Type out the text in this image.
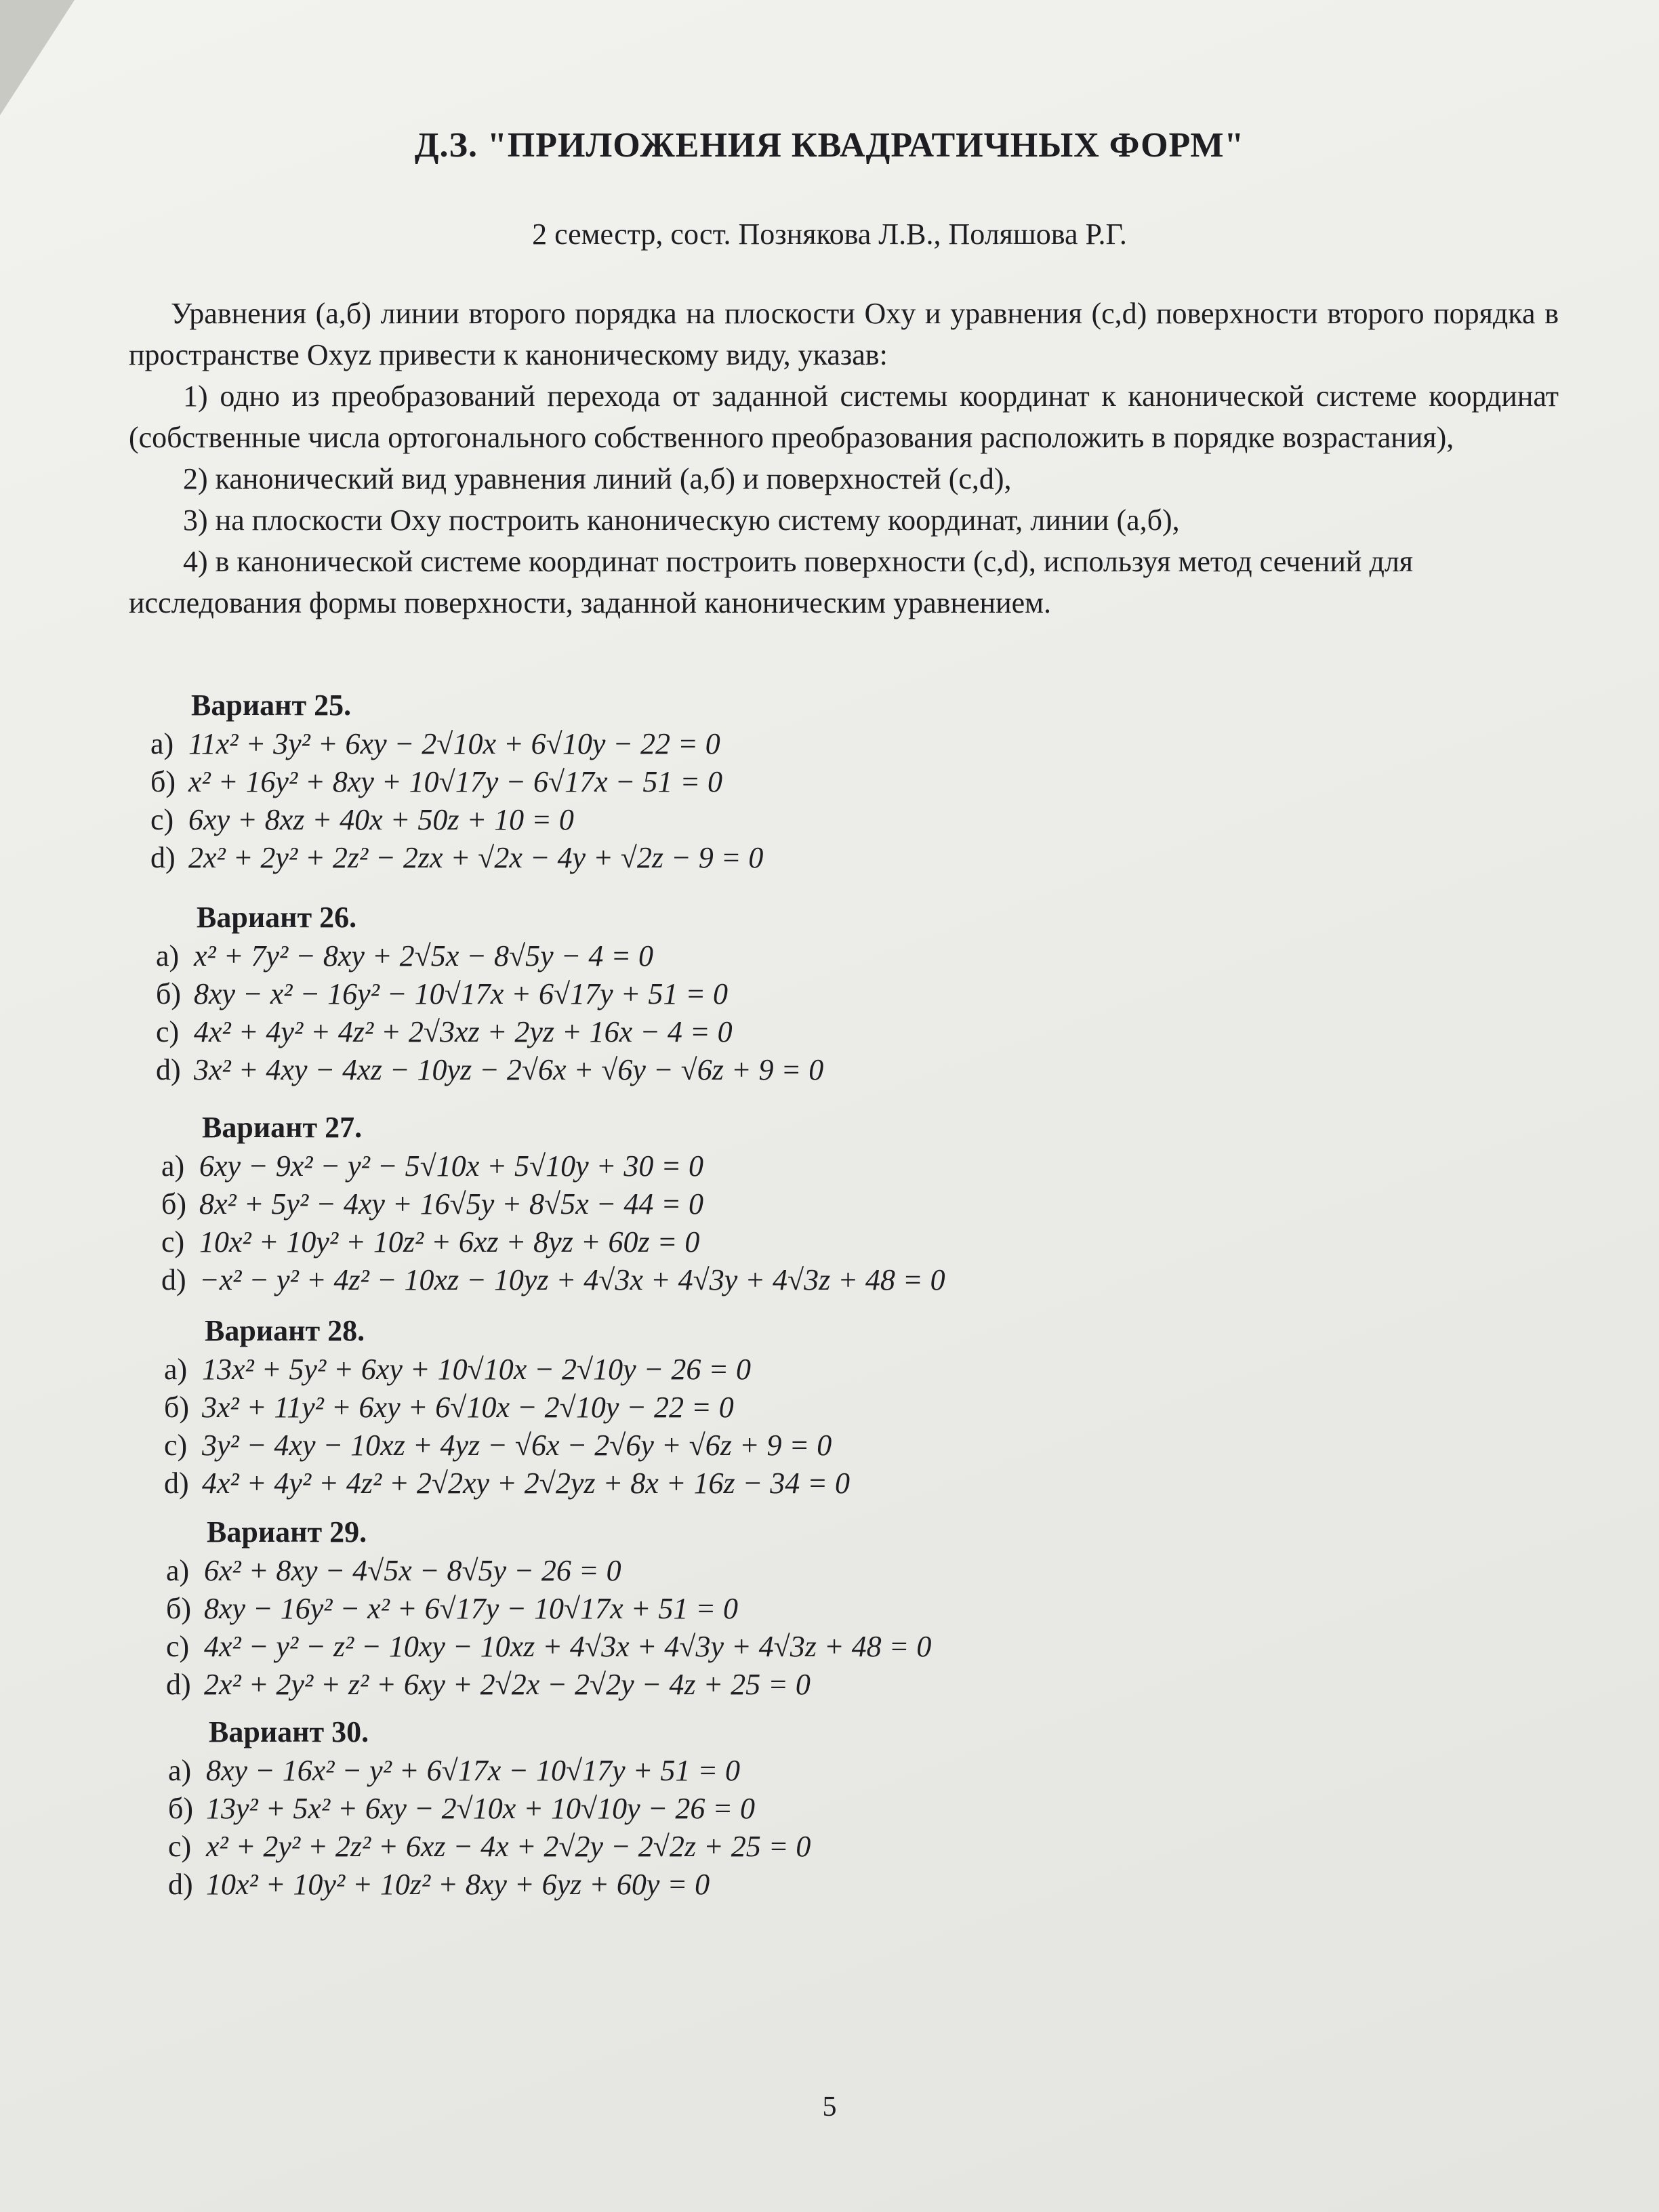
Д.З. "ПРИЛОЖЕНИЯ КВАДРАТИЧНЫХ ФОРМ"
2 семестр, сост. Познякова Л.В., Поляшова Р.Г.

Уравнения (а,б) линии второго порядка на плоскости Oxy и уравнения (c,d) поверхности второго порядка в пространстве Oxyz привести к каноническому виду, указав:

1) одно из преобразований перехода от заданной системы координат к канонической системе координат (собственные числа ортогонального собственного преобразования расположить в порядке возрастания),

2) канонический вид уравнения линий (а,б) и поверхностей (c,d),

3) на плоскости Oxy построить каноническую систему координат, линии (а,б),

4) в канонической системе координат построить поверхности (c,d), используя метод сечений для исследования формы поверхности, заданной каноническим уравнением.

Вариант 25.
a) 11x² + 3y² + 6xy − 2√10x + 6√10y − 22 = 0
б) x² + 16y² + 8xy + 10√17y − 6√17x − 51 = 0
c) 6xy + 8xz + 40x + 50z + 10 = 0
d) 2x² + 2y² + 2z² − 2zx + √2x − 4y + √2z − 9 = 0
Вариант 26.
a) x² + 7y² − 8xy + 2√5x − 8√5y − 4 = 0
б) 8xy − x² − 16y² − 10√17x + 6√17y + 51 = 0
c) 4x² + 4y² + 4z² + 2√3xz + 2yz + 16x − 4 = 0
d) 3x² + 4xy − 4xz − 10yz − 2√6x + √6y − √6z + 9 = 0
Вариант 27.
a) 6xy − 9x² − y² − 5√10x + 5√10y + 30 = 0
б) 8x² + 5y² − 4xy + 16√5y + 8√5x − 44 = 0
c) 10x² + 10y² + 10z² + 6xz + 8yz + 60z = 0
d) −x² − y² + 4z² − 10xz − 10yz + 4√3x + 4√3y + 4√3z + 48 = 0
Вариант 28.
a) 13x² + 5y² + 6xy + 10√10x − 2√10y − 26 = 0
б) 3x² + 11y² + 6xy + 6√10x − 2√10y − 22 = 0
c) 3y² − 4xy − 10xz + 4yz − √6x − 2√6y + √6z + 9 = 0
d) 4x² + 4y² + 4z² + 2√2xy + 2√2yz + 8x + 16z − 34 = 0
Вариант 29.
a) 6x² + 8xy − 4√5x − 8√5y − 26 = 0
б) 8xy − 16y² − x² + 6√17y − 10√17x + 51 = 0
c) 4x² − y² − z² − 10xy − 10xz + 4√3x + 4√3y + 4√3z + 48 = 0
d) 2x² + 2y² + z² + 6xy + 2√2x − 2√2y − 4z + 25 = 0
Вариант 30.
a) 8xy − 16x² − y² + 6√17x − 10√17y + 51 = 0
б) 13y² + 5x² + 6xy − 2√10x + 10√10y − 26 = 0
c) x² + 2y² + 2z² + 6xz − 4x + 2√2y − 2√2z + 25 = 0
d) 10x² + 10y² + 10z² + 8xy + 6yz + 60y = 0
5
